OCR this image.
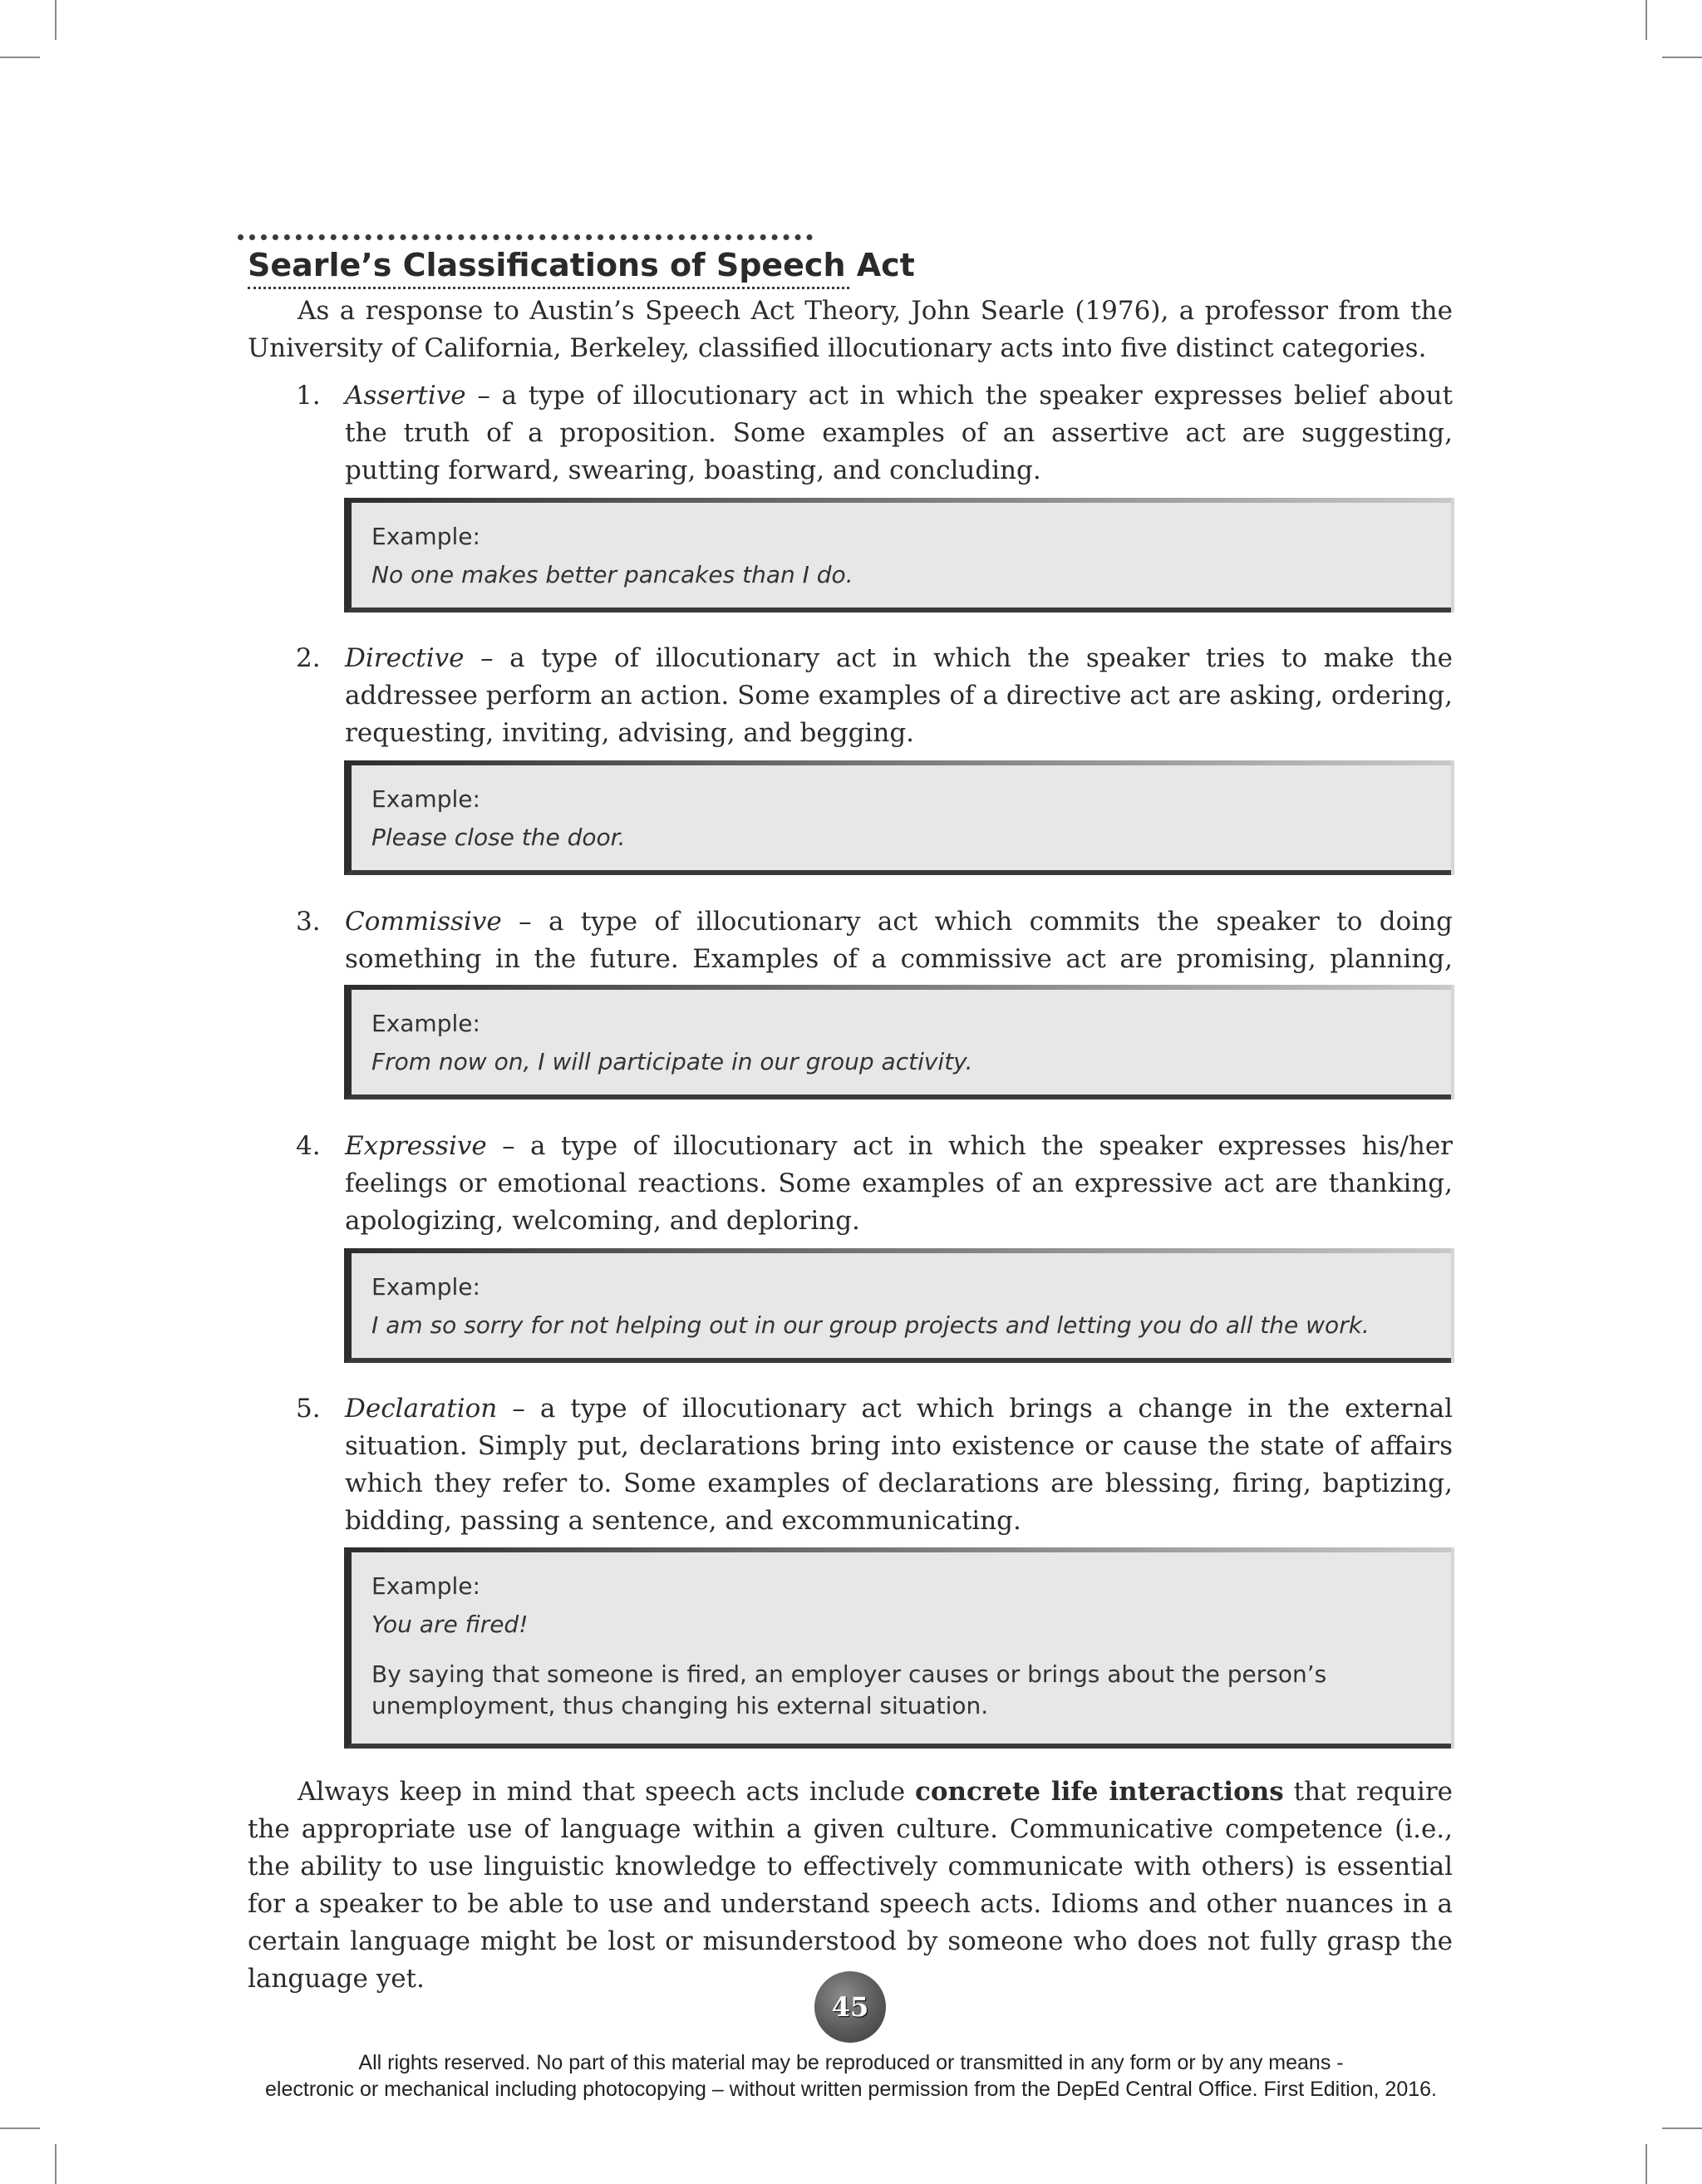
Searle’s Classifications of Speech Act
As a response to Austin’s Speech Act Theory, John Searle (1976), a professor from the University of California, Berkeley, classified illocutionary acts into five distinct categories.
1. Assertive – a type of illocutionary act in which the speaker expresses belief about the truth of a proposition. Some examples of an assertive act are suggesting, putting forward, swearing, boasting, and concluding.
Example:
No one makes better pancakes than I do.
2. Directive – a type of illocutionary act in which the speaker tries to make the addressee perform an action. Some examples of a directive act are asking, ordering, requesting, inviting, advising, and begging.
Example:
Please close the door.
3. Commissive – a type of illocutionary act which commits the speaker to doing something in the future. Examples of a commissive act are promising, planning,
Example:
From now on, I will participate in our group activity.
4. Expressive – a type of illocutionary act in which the speaker expresses his/her feelings or emotional reactions. Some examples of an expressive act are thanking, apologizing, welcoming, and deploring.
Example:
I am so sorry for not helping out in our group projects and letting you do all the work.
5. Declaration – a type of illocutionary act which brings a change in the external situation. Simply put, declarations bring into existence or cause the state of affairs which they refer to. Some examples of declarations are blessing, firing, baptizing, bidding, passing a sentence, and excommunicating.
Example:
You are fired!
By saying that someone is fired, an employer causes or brings about the person’s unemployment, thus changing his external situation.
Always keep in mind that speech acts include concrete life interactions that require the appropriate use of language within a given culture. Communicative competence (i.e., the ability to use linguistic knowledge to effectively communicate with others) is essential for a speaker to be able to use and understand speech acts. Idioms and other nuances in a certain language might be lost or misunderstood by someone who does not fully grasp the language yet.
45
All rights reserved. No part of this material may be reproduced or transmitted in any form or by any means -
electronic or mechanical including photocopying – without written permission from the DepEd Central Office. First Edition, 2016.
